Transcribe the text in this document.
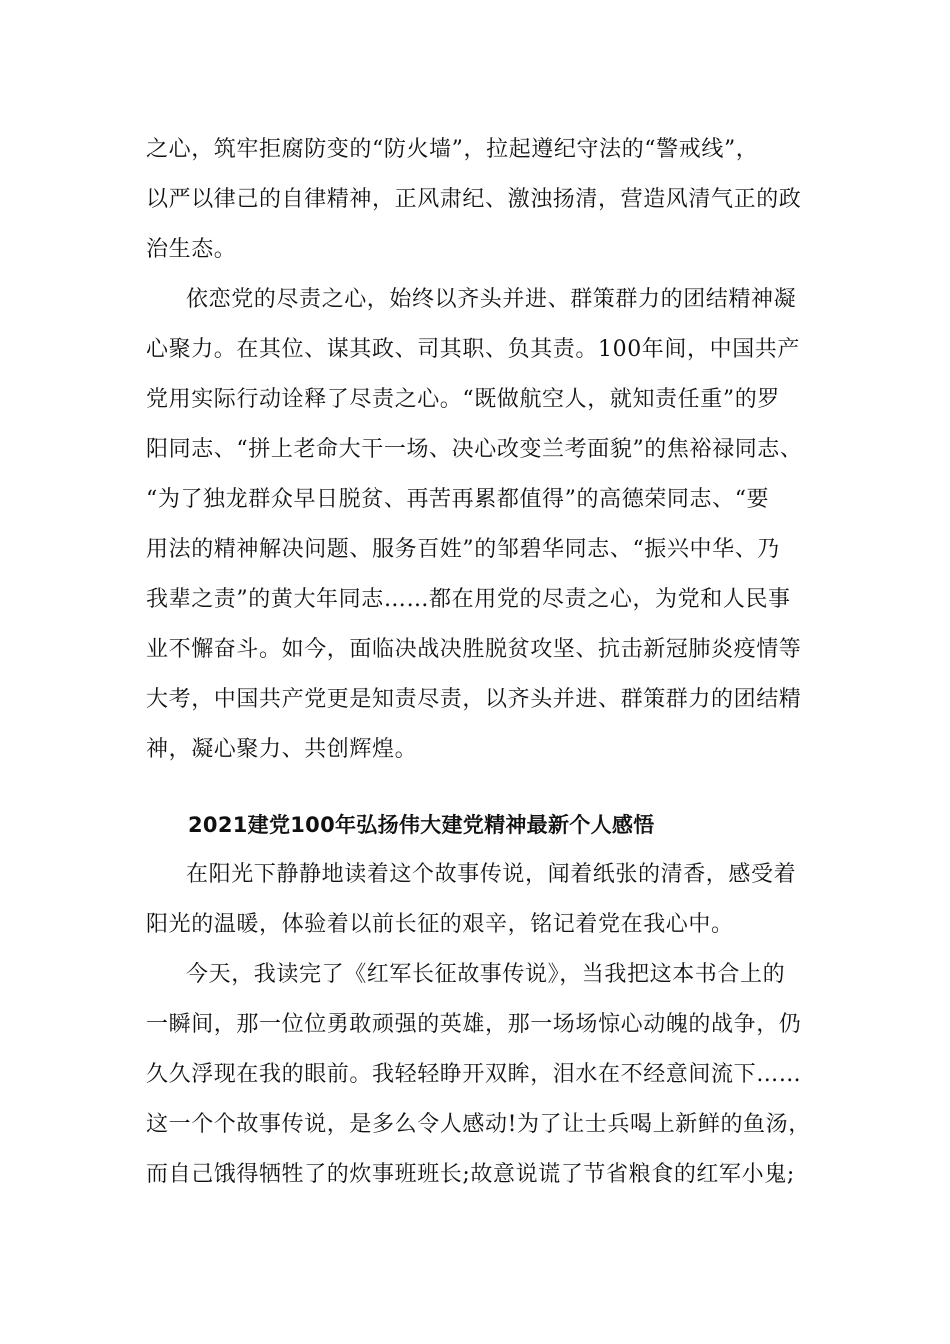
之心，筑牢拒腐防变的“防火墙”，拉起遵纪守法的“警戒线”，
以严以律己的自律精神，正风肃纪、激浊扬清，营造风清气正的政
治生态。
依恋党的尽责之心，始终以齐头并进、群策群力的团结精神凝
心聚力。在其位、谋其政、司其职、负其责。100年间，中国共产
党用实际行动诠释了尽责之心。“既做航空人，就知责任重”的罗
阳同志、“拼上老命大干一场、决心改变兰考面貌”的焦裕禄同志、
“为了独龙群众早日脱贫、再苦再累都值得”的高德荣同志、“要
用法的精神解决问题、服务百姓”的邹碧华同志、“振兴中华、乃
我辈之责”的黄大年同志……都在用党的尽责之心，为党和人民事
业不懈奋斗。如今，面临决战决胜脱贫攻坚、抗击新冠肺炎疫情等
大考，中国共产党更是知责尽责，以齐头并进、群策群力的团结精
神，凝心聚力、共创辉煌。
2021建党100年弘扬伟大建党精神最新个人感悟
在阳光下静静地读着这个故事传说，闻着纸张的清香，感受着
阳光的温暖，体验着以前长征的艰辛，铭记着党在我心中。
今天，我读完了《红军长征故事传说》，当我把这本书合上的
一瞬间，那一位位勇敢顽强的英雄，那一场场惊心动魄的战争，仍
久久浮现在我的眼前。我轻轻睁开双眸，泪水在不经意间流下……
这一个个故事传说，是多么令人感动!为了让士兵喝上新鲜的鱼汤，
而自己饿得牺牲了的炊事班班长;故意说谎了节省粮食的红军小鬼;
